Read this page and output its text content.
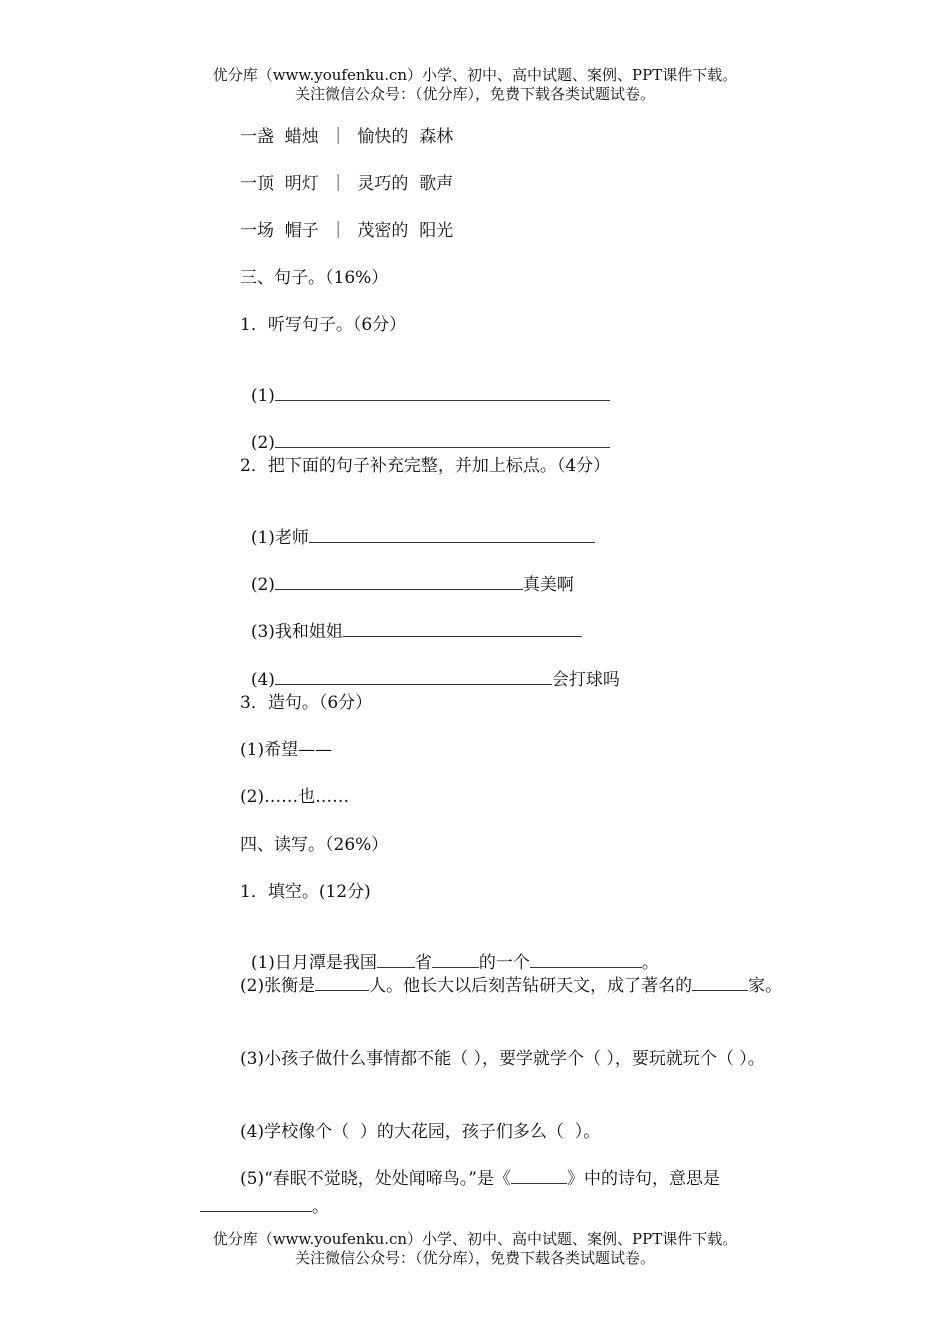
优分库（www.youfenku.cn）小学、初中、高中试题、案例、PPT课件下载。
关注微信公众号：（优分库），免费下载各类试题试卷。
一盏  蜡烛  ｜  愉快的  森林
一顶  明灯  ｜  灵巧的  歌声
一场  帽子  ｜  茂密的  阳光
三、句子。（16%）
1．听写句子。（6分）

(1)

(2)

2．把下面的句子补充完整，并加上标点。（4分）

(1)老师

(2)	真美啊

(3)我和姐姐

(4)	会打球吗

3．造句。（6分）
(1)希望——
(2)……也……
四、读写。（26%）
1．填空。(12分)

(1)日月潭是我国 省	的一个	。

(2)张衡是	人。他长大以后刻苦钻研天文，成了著名的	家。
(3)小孩子做什么事情都不能（ ），要学就学个（ ），要玩就玩个（ ）。
(4)学校像个（  ）的大花园，孩子们多么（  ）。
(5)“春眠不觉晓，处处闻啼鸟。”是《	》中的诗句，意思是。
优分库（www.youfenku.cn）小学、初中、高中试题、案例、PPT课件下载。
关注微信公众号：（优分库），免费下载各类试题试卷。
